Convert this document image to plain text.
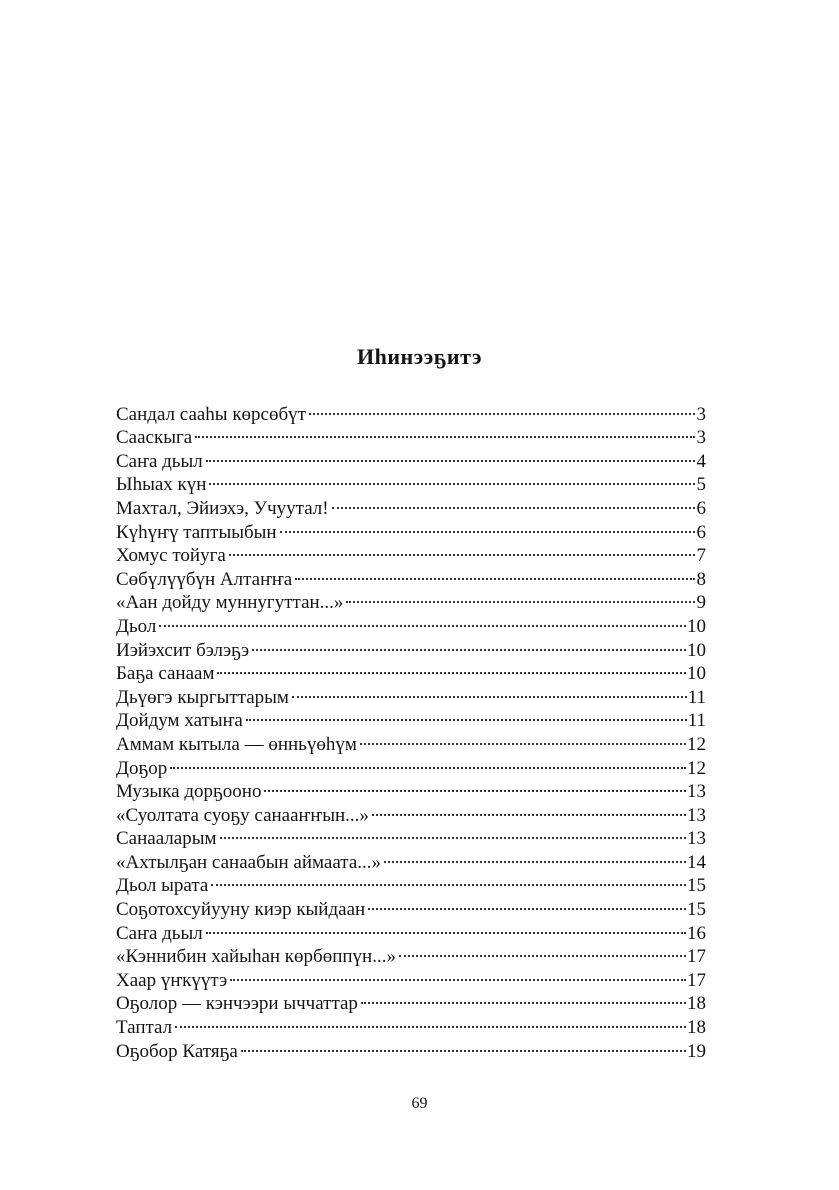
Иһинээҕитэ
Сандал сааһы көрсөбүт	3
Сааскыга	3
Саҥа дьыл	4
Ыһыах күн	5
Махтал, Эйиэхэ, Учуутал!	6
Күһүҥү таптыыбын	6
Хомус тойуга	7
Сөбүлүүбүн Алтаҥҥа	8
«Аан дойду муннугуттан...»	9
Дьол	10
Иэйэхсит бэлэҕэ	10
Баҕа санаам	10
Дьүөгэ кыргыттарым	11
Дойдум хатыҥа	11
Аммам кытыла — өнньүөһүм	12
Доҕор	12
Музыка дорҕооно	13
«Суолтата суоҕу санааҥҥын...»	13
Санааларым	13
«Ахтылҕан санаабын аймаата...»	14
Дьол ырата	15
Соҕотохсуйууну киэр кыйдаан	15
Саҥа дьыл	16
«Кэннибин хайыһан көрбөппүн...»	17
Хаар үҥкүүтэ	17
Оҕолор — кэнчээри ыччаттар	18
Таптал	18
Оҕобор Катяҕа	19
69
